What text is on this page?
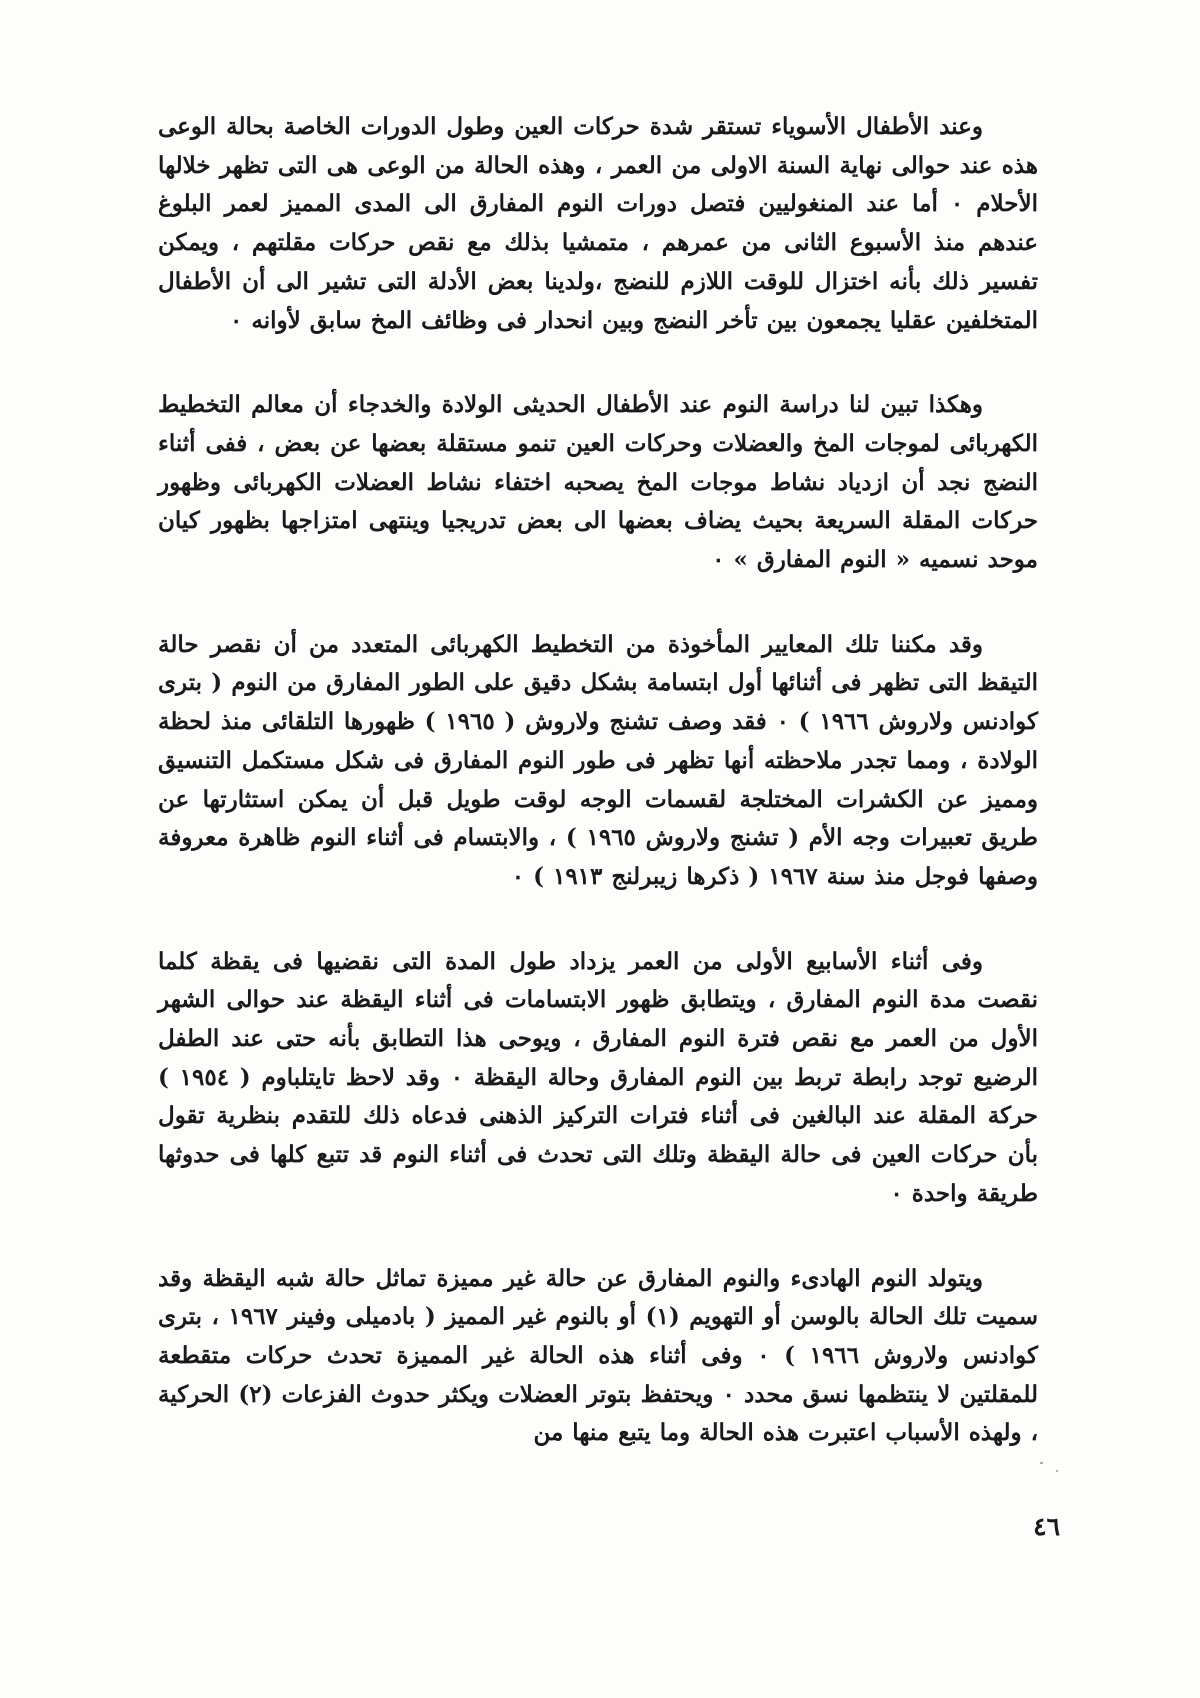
وعند الأطفال الأسوياء تستقر شدة حركات العين وطول الدورات الخاصة بحالة الوعى هذه عند حوالى نهاية السنة الاولى من العمر ، وهذه الحالة من الوعى هى التى تظهر خلالها الأحلام ٠ أما عند المنغوليين فتصل دورات النوم المفارق الى المدى المميز لعمر البلوغ عندهم منذ الأسبوع الثانى من عمرهم ، متمشيا بذلك مع نقص حركات مقلتهم ، ويمكن تفسير ذلك بأنه اختزال للوقت اللازم للنضج ،ولدينا بعض الأدلة التى تشير الى أن الأطفال المتخلفين عقليا يجمعون بين تأخر النضج وبين انحدار فى وظائف المخ سابق لأوانه ٠

وهكذا تبين لنا دراسة النوم عند الأطفال الحديثى الولادة والخدجاء أن معالم التخطيط الكهربائى لموجات المخ والعضلات وحركات العين تنمو مستقلة بعضها عن بعض ، ففى أثناء النضج نجد أن ازدياد نشاط موجات المخ يصحبه اختفاء نشاط العضلات الكهربائى وظهور حركات المقلة السريعة بحيث يضاف بعضها الى بعض تدريجيا وينتهى امتزاجها بظهور كيان موحد نسميه « النوم المفارق » ٠

وقد مكننا تلك المعايير المأخوذة من التخطيط الكهربائى المتعدد من أن نقصر حالة التيقظ التى تظهر فى أثنائها أول ابتسامة بشكل دقيق على الطور المفارق من النوم ( بترى كوادنس ولاروش ١٩٦٦ ) ٠ فقد وصف تشنج ولاروش ( ١٩٦٥ ) ظهورها التلقائى منذ لحظة الولادة ، ومما تجدر ملاحظته أنها تظهر فى طور النوم المفارق فى شكل مستكمل التنسيق ومميز عن الكشرات المختلجة لقسمات الوجه لوقت طويل قبل أن يمكن استثارتها عن طريق تعبيرات وجه الأم ( تشنج ولاروش ١٩٦٥ ) ، والابتسام فى أثناء النوم ظاهرة معروفة وصفها فوجل منذ سنة ١٩٦٧ ( ذكرها زيبرلنج ١٩١٣ ) ٠

وفى أثناء الأسابيع الأولى من العمر يزداد طول المدة التى نقضيها فى يقظة كلما نقصت مدة النوم المفارق ، ويتطابق ظهور الابتسامات فى أثناء اليقظة عند حوالى الشهر الأول من العمر مع نقص فترة النوم المفارق ، ويوحى هذا التطابق بأنه حتى عند الطفل الرضيع توجد رابطة تربط بين النوم المفارق وحالة اليقظة ٠ وقد لاحظ تايتلباوم ( ١٩٥٤ ) حركة المقلة عند البالغين فى أثناء فترات التركيز الذهنى فدعاه ذلك للتقدم بنظرية تقول بأن حركات العين فى حالة اليقظة وتلك التى تحدث فى أثناء النوم قد تتبع كلها فى حدوثها طريقة واحدة ٠

ويتولد النوم الهادىء والنوم المفارق عن حالة غير مميزة تماثل حالة شبه اليقظة وقد سميت تلك الحالة بالوسن أو التهويم (١) أو بالنوم غير المميز ( بادميلى وفينر ١٩٦٧ ، بترى كوادنس ولاروش ١٩٦٦ ) ٠ وفى أثناء هذه الحالة غير المميزة تحدث حركات متقطعة للمقلتين لا ينتظمها نسق محدد ٠ ويحتفظ بتوتر العضلات ويكثر حدوث الفزعات (٢) الحركية ، ولهذه الأسباب اعتبرت هذه الحالة وما يتبع منها من

٤٦
